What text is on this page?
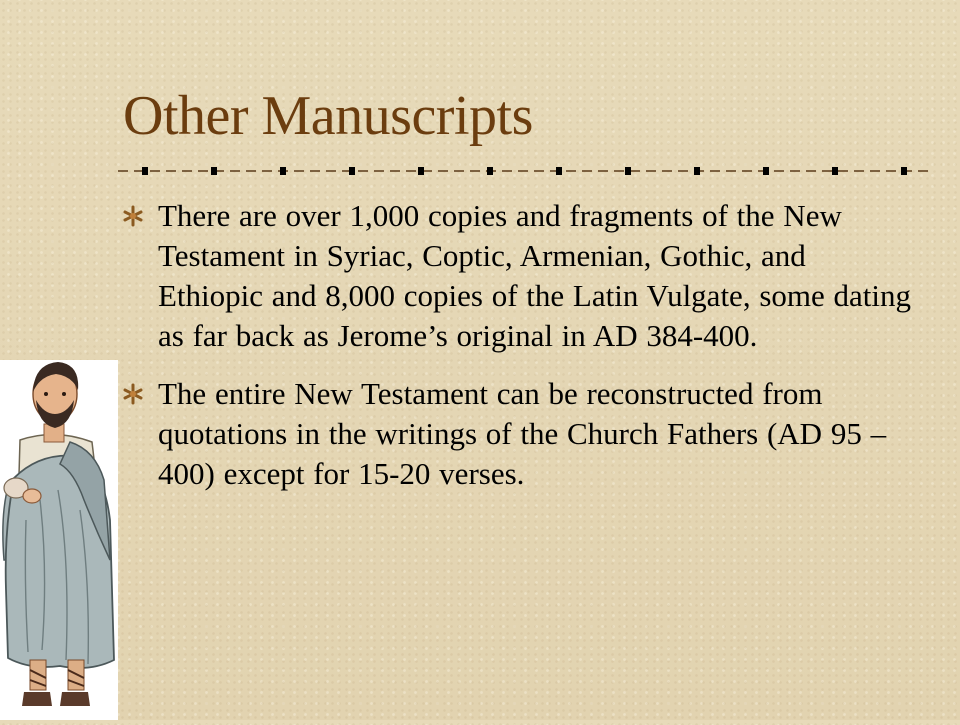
Other Manuscripts
There are over 1,000 copies and fragments of the New Testament in Syriac, Coptic, Armenian, Gothic, and Ethiopic and 8,000 copies of the Latin Vulgate, some dating as far back as Jerome’s original in AD 384-400.
The entire New Testament can be reconstructed from quotations in the writings of the Church Fathers (AD 95 – 400) except for 15-20 verses.
